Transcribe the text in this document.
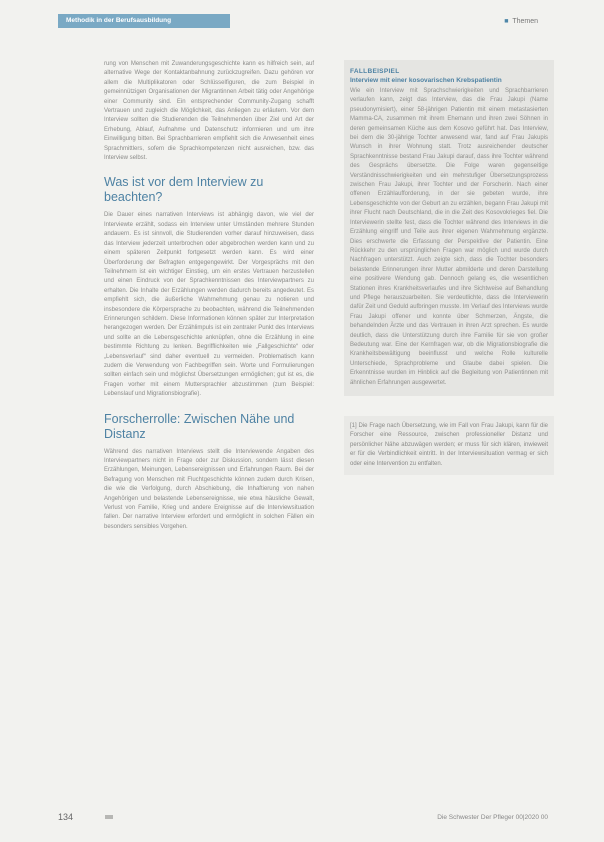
Methodik in der Berufsausbildung	■ Themen

rung von Menschen mit Zuwanderungsgeschichte kann es hilfreich sein, auf alternative Wege der Kontaktanbahnung zurückzugreifen. Dazu gehören vor allem die Multiplikatoren oder Schlüsselfiguren, die zum Beispiel in gemeinnützigen Organisationen der Migrantinnen Arbeit tätig oder Angehörige einer Community sind. Ein entsprechender Community-Zugang schafft Vertrauen und zugleich die Möglichkeit, das Anliegen zu erläutern. Vor dem Interview sollten die Studierenden die Teilnehmenden über Ziel und Art der Erhebung, Ablauf, Aufnahme und Datenschutz informieren und um ihre Einwilligung bitten. Bei Sprachbarrieren empfiehlt sich die Anwesenheit eines Sprachmittlers, sofern die Sprachkompetenzen nicht ausreichen, bzw. das Interview selbst.

Was ist vor dem Interview zu beachten?

Die Dauer eines narrativen Interviews ist abhängig davon, wie viel der Interviewte erzählt, sodass ein Interview unter Umständen mehrere Stunden andauern. Es ist sinnvoll, die Studierenden vorher darauf hinzuweisen, dass das Interview jederzeit unterbrochen oder abgebrochen werden kann und zu einem späteren Zeitpunkt fortgesetzt werden kann. Es wird einer Überforderung der Befragten entgegengewirkt. Der Vorgesprächs mit den Teilnehmern ist ein wichtiger Einstieg, um ein erstes Vertrauen herzustellen und einen Eindruck von der Sprachkenntnissen des Interviewpartners zu erhalten. Die Inhalte der Erzählungen werden dadurch bereits angedeutet. Es empfiehlt sich, die äußerliche Wahrnehmung genau zu notieren und insbesondere die Körpersprache zu beobachten, während die Teilnehmenden Erinnerungen schildern. Diese Informationen können später zur Interpretation herangezogen werden. Der Erzählimpuls ist ein zentraler Punkt des Interviews und sollte an die Lebensgeschichte anknüpfen, ohne die Erzählung in eine bestimmte Richtung zu lenken. Begrifflichkeiten wie „Fallgeschichte“ oder „Lebensverlauf“ sind daher eventuell zu vermeiden. Problematisch kann zudem die Verwendung von Fachbegriffen sein. Worte und Formulierungen sollten einfach sein und möglichst Übersetzungen ermöglichen; gut ist es, die Fragen vorher mit einem Muttersprachler abzustimmen (zum Beispiel: Lebenslauf und Migrationsbiografie).

Forscherrolle: Zwischen Nähe und Distanz

Während des narrativen Interviews stellt die Interviewende Angaben des Interviewpartners nicht in Frage oder zur Diskussion, sondern lässt diesen Erzählungen, Meinungen, Lebensereignissen und Erfahrungen Raum. Bei der Befragung von Menschen mit Fluchtgeschichte können zudem durch Krisen, die wie die Verfolgung, durch Abschiebung, die Inhaftierung von nahen Angehörigen und belastende Lebensereignisse, wie etwa häusliche Gewalt, Verlust von Familie, Krieg und andere Ereignisse auf die Interviewsituation fallen. Der narrative Interview erfordert und ermöglicht in solchen Fällen ein besonders sensibles Vorgehen.

FALLBEISPIEL
Interview mit einer kosovarischen Krebspatientin

Wie ein Interview mit Sprachschwierigkeiten und Sprachbarrieren verlaufen kann, zeigt das Interview, das die Frau Jakupi (Name pseudonymisiert), einer 58-jährigen Patientin mit einem metastasierten Mamma-CA, zusammen mit ihrem Ehemann und ihren zwei Söhnen in deren gemeinsamen Küche aus dem Kosovo geführt hat. Das Interview, bei dem die 30-jährige Tochter anwesend war, fand auf Frau Jakupis Wunsch in ihrer Wohnung statt. Trotz ausreichender deutscher Sprachkenntnisse bestand Frau Jakupi darauf, dass ihre Tochter während des Gesprächs übersetzte. Die Folge waren gegenseitige Verständnisschwierigkeiten und ein mehrstufiger Übersetzungsprozess zwischen Frau Jakupi, ihrer Tochter und der Forscherin. Nach einer offenen Erzählaufforderung, in der sie gebeten wurde, ihre Lebensgeschichte von der Geburt an zu erzählen, begann Frau Jakupi mit ihrer Flucht nach Deutschland, die in die Zeit des Kosovokrieges fiel. Die Interviewerin stellte fest, dass die Tochter während des Interviews in die Erzählung eingriff und Teile aus ihrer eigenen Wahrnehmung ergänzte. Dies erschwerte die Erfassung der Perspektive der Patientin. Eine Rückkehr zu den ursprünglichen Fragen war möglich und wurde durch Nachfragen unterstützt. Auch zeigte sich, dass die Tochter besonders belastende Erinnerungen ihrer Mutter abmilderte und deren Darstellung eine positivere Wendung gab. Dennoch gelang es, die wesentlichen Stationen ihres Krankheitsverlaufes und ihre Sichtweise auf Behandlung und Pflege herauszuarbeiten. Sie verdeutlichte, dass die Interviewerin dafür Zeit und Geduld aufbringen musste. Im Verlauf des Interviews wurde Frau Jakupi offener und konnte über Schmerzen, Ängste, die behandelnden Ärzte und das Vertrauen in ihren Arzt sprechen. Es wurde deutlich, dass die Unterstützung durch ihre Familie für sie von großer Bedeutung war. Eine der Kernfragen war, ob die Migrationsbiografie die Krankheitsbewältigung beeinflusst und welche Rolle kulturelle Unterschiede, Sprachprobleme und Glaube dabei spielen. Die Erkenntnisse wurden im Hinblick auf die Begleitung von Patientinnen mit ähnlichen Erfahrungen ausgewertet.

[1] Die Frage nach Übersetzung, wie im Fall von Frau Jakupi, kann für die Forscher eine Ressource, zwischen professioneller Distanz und persönlicher Nähe abzuwägen werden; er muss für sich klären, inwieweit er für die Verbindlichkeit eintritt. In der Interviewsituation vermag er sich oder eine Intervention zu entfalten.

134	Die Schwester Der Pfleger 00|2020 00
